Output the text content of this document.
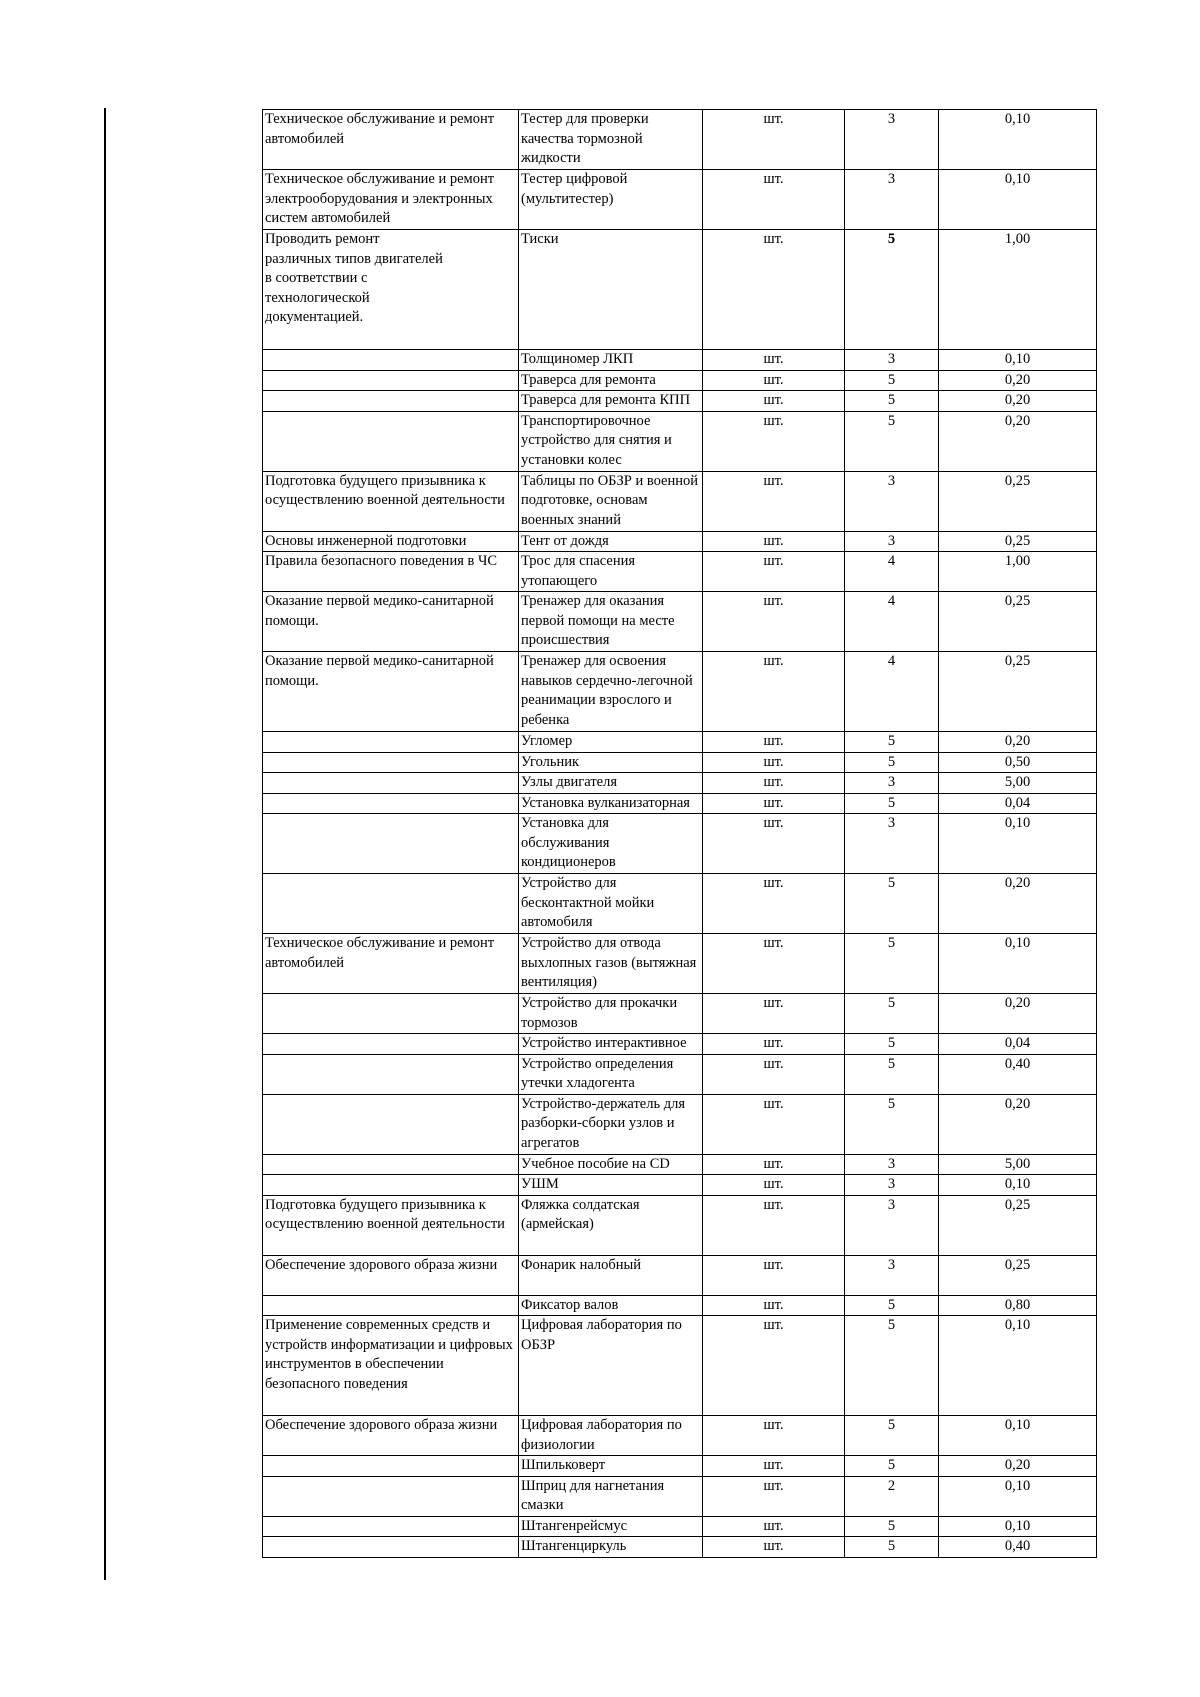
Техническое обслуживание и ремонт автомобилей	Тестер для проверки качества тормозной жидкости	шт.	3	0,10
Техническое обслуживание и ремонт электрооборудования и электронных систем автомобилей	Тестер цифровой (мультитестер)	шт.	3	0,10
Проводить ремонт
различных типов двигателей
в соответствии с
технологической
документацией.	Тиски	шт.	5	1,00
	Толщиномер ЛКП	шт.	3	0,10
	Траверса для ремонта	шт.	5	0,20
	Траверса для ремонта КПП	шт.	5	0,20
	Транспортировочное устройство для снятия и установки колес	шт.	5	0,20
Подготовка будущего призывника к осуществлению военной деятельности	Таблицы по ОБЗР и военной подготовке, основам военных знаний	шт.	3	0,25
Основы инженерной подготовки	Тент от дождя	шт.	3	0,25
Правила безопасного поведения в ЧС	Трос для спасения утопающего	шт.	4	1,00
Оказание первой медико-санитарной помощи.	Тренажер для оказания первой помощи на месте происшествия	шт.	4	0,25
Оказание первой медико-санитарной помощи.	Тренажер для освоения навыков сердечно-легочной реанимации взрослого и ребенка	шт.	4	0,25
	Угломер	шт.	5	0,20
	Угольник	шт.	5	0,50
	Узлы двигателя	шт.	3	5,00
	Установка вулканизаторная	шт.	5	0,04
	Установка для обслуживания кондиционеров	шт.	3	0,10
	Устройство для бесконтактной мойки автомобиля	шт.	5	0,20
Техническое обслуживание и ремонт автомобилей	Устройство для отвода выхлопных газов (вытяжная вентиляция)	шт.	5	0,10
	Устройство для прокачки тормозов	шт.	5	0,20
	Устройство интерактивное	шт.	5	0,04
	Устройство определения утечки хладогента	шт.	5	0,40
	Устройство-держатель для разборки-сборки узлов и агрегатов	шт.	5	0,20
	Учебное пособие на CD	шт.	3	5,00
	УШМ	шт.	3	0,10
Подготовка будущего призывника к осуществлению военной деятельности	Фляжка солдатская (армейская)	шт.	3	0,25
Обеспечение здорового образа жизни	Фонарик налобный	шт.	3	0,25
	Фиксатор валов	шт.	5	0,80
Применение современных средств и устройств информатизации и цифровых инструментов в обеспечении безопасного поведения	Цифровая лаборатория по ОБЗР	шт.	5	0,10
Обеспечение здорового образа жизни	Цифровая лаборатория по физиологии	шт.	5	0,10
	Шпильковерт	шт.	5	0,20
	Шприц для нагнетания смазки	шт.	2	0,10
	Штангенрейсмус	шт.	5	0,10
	Штангенциркуль	шт.	5	0,40
